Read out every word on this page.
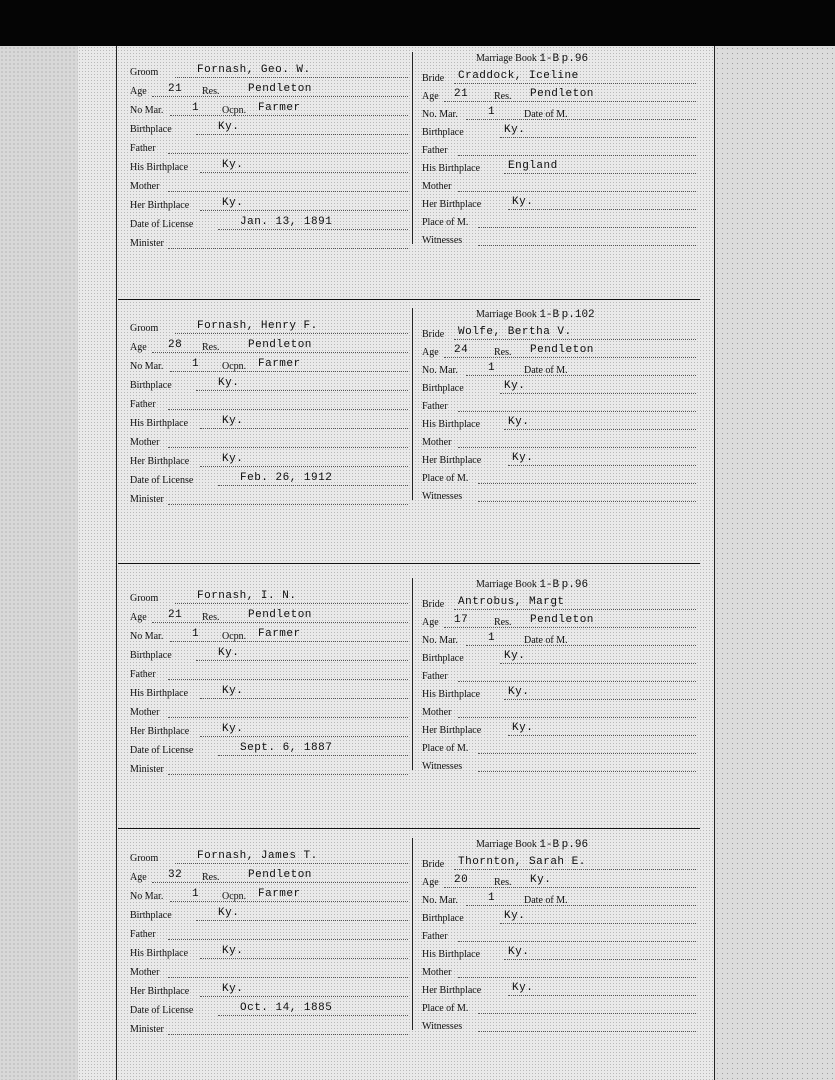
Groom	Fornash, Geo. W.
Age 21 Res.	Pendleton
No Mar.	1 Ocpn. Farmer
Birthplace	Ky.
Father
His Birthplace	Ky.
Mother
Her Birthplace	Ky.
Date of License	Jan. 13, 1891
Minister
Marriage Book 1-B p.96
Bride Craddock, Iceline
Age 21	Res. Pendleton
No. Mar.	1	Date of M.
Birthplace	Ky.
Father
His Birthplace	England
Mother
Her Birthplace	Ky.
Place of M.
Witnesses
Groom	Fornash, Henry F.
Age 28 Res.	Pendleton
No Mar.	1 Ocpn. Farmer
Birthplace	Ky.
Father
His Birthplace	Ky.
Mother
Her Birthplace	Ky.
Date of License	Feb. 26, 1912
Minister
Marriage Book 1-B p.102
Bride Wolfe, Bertha V.
Age 24	Res. Pendleton
No. Mar.	1	Date of M.
Birthplace	Ky.
Father
His Birthplace	Ky.
Mother
Her Birthplace	Ky.
Place of M.
Witnesses
Groom	Fornash, I. N.
Age 21 Res.	Pendleton
No Mar.	1 Ocpn. Farmer
Birthplace	Ky.
Father
His Birthplace	Ky.
Mother
Her Birthplace	Ky.
Date of License	Sept. 6, 1887
Minister
Marriage Book 1-B p.96
Bride Antrobus, Margt
Age 17	Res. Pendleton
No. Mar.	1	Date of M.
Birthplace	Ky.
Father
His Birthplace	Ky.
Mother
Her Birthplace	Ky.
Place of M.
Witnesses
Groom	Fornash, James T.
Age 32 Res.	Pendleton
No Mar.	1 Ocpn. Farmer
Birthplace	Ky.
Father
His Birthplace	Ky.
Mother
Her Birthplace	Ky.
Date of License	Oct. 14, 1885
Minister
Marriage Book 1-B p.96
Bride Thornton, Sarah E.
Age 20	Res. Ky.
No. Mar.	1	Date of M.
Birthplace	Ky.
Father
His Birthplace	Ky.
Mother
Her Birthplace	Ky.
Place of M.
Witnesses
